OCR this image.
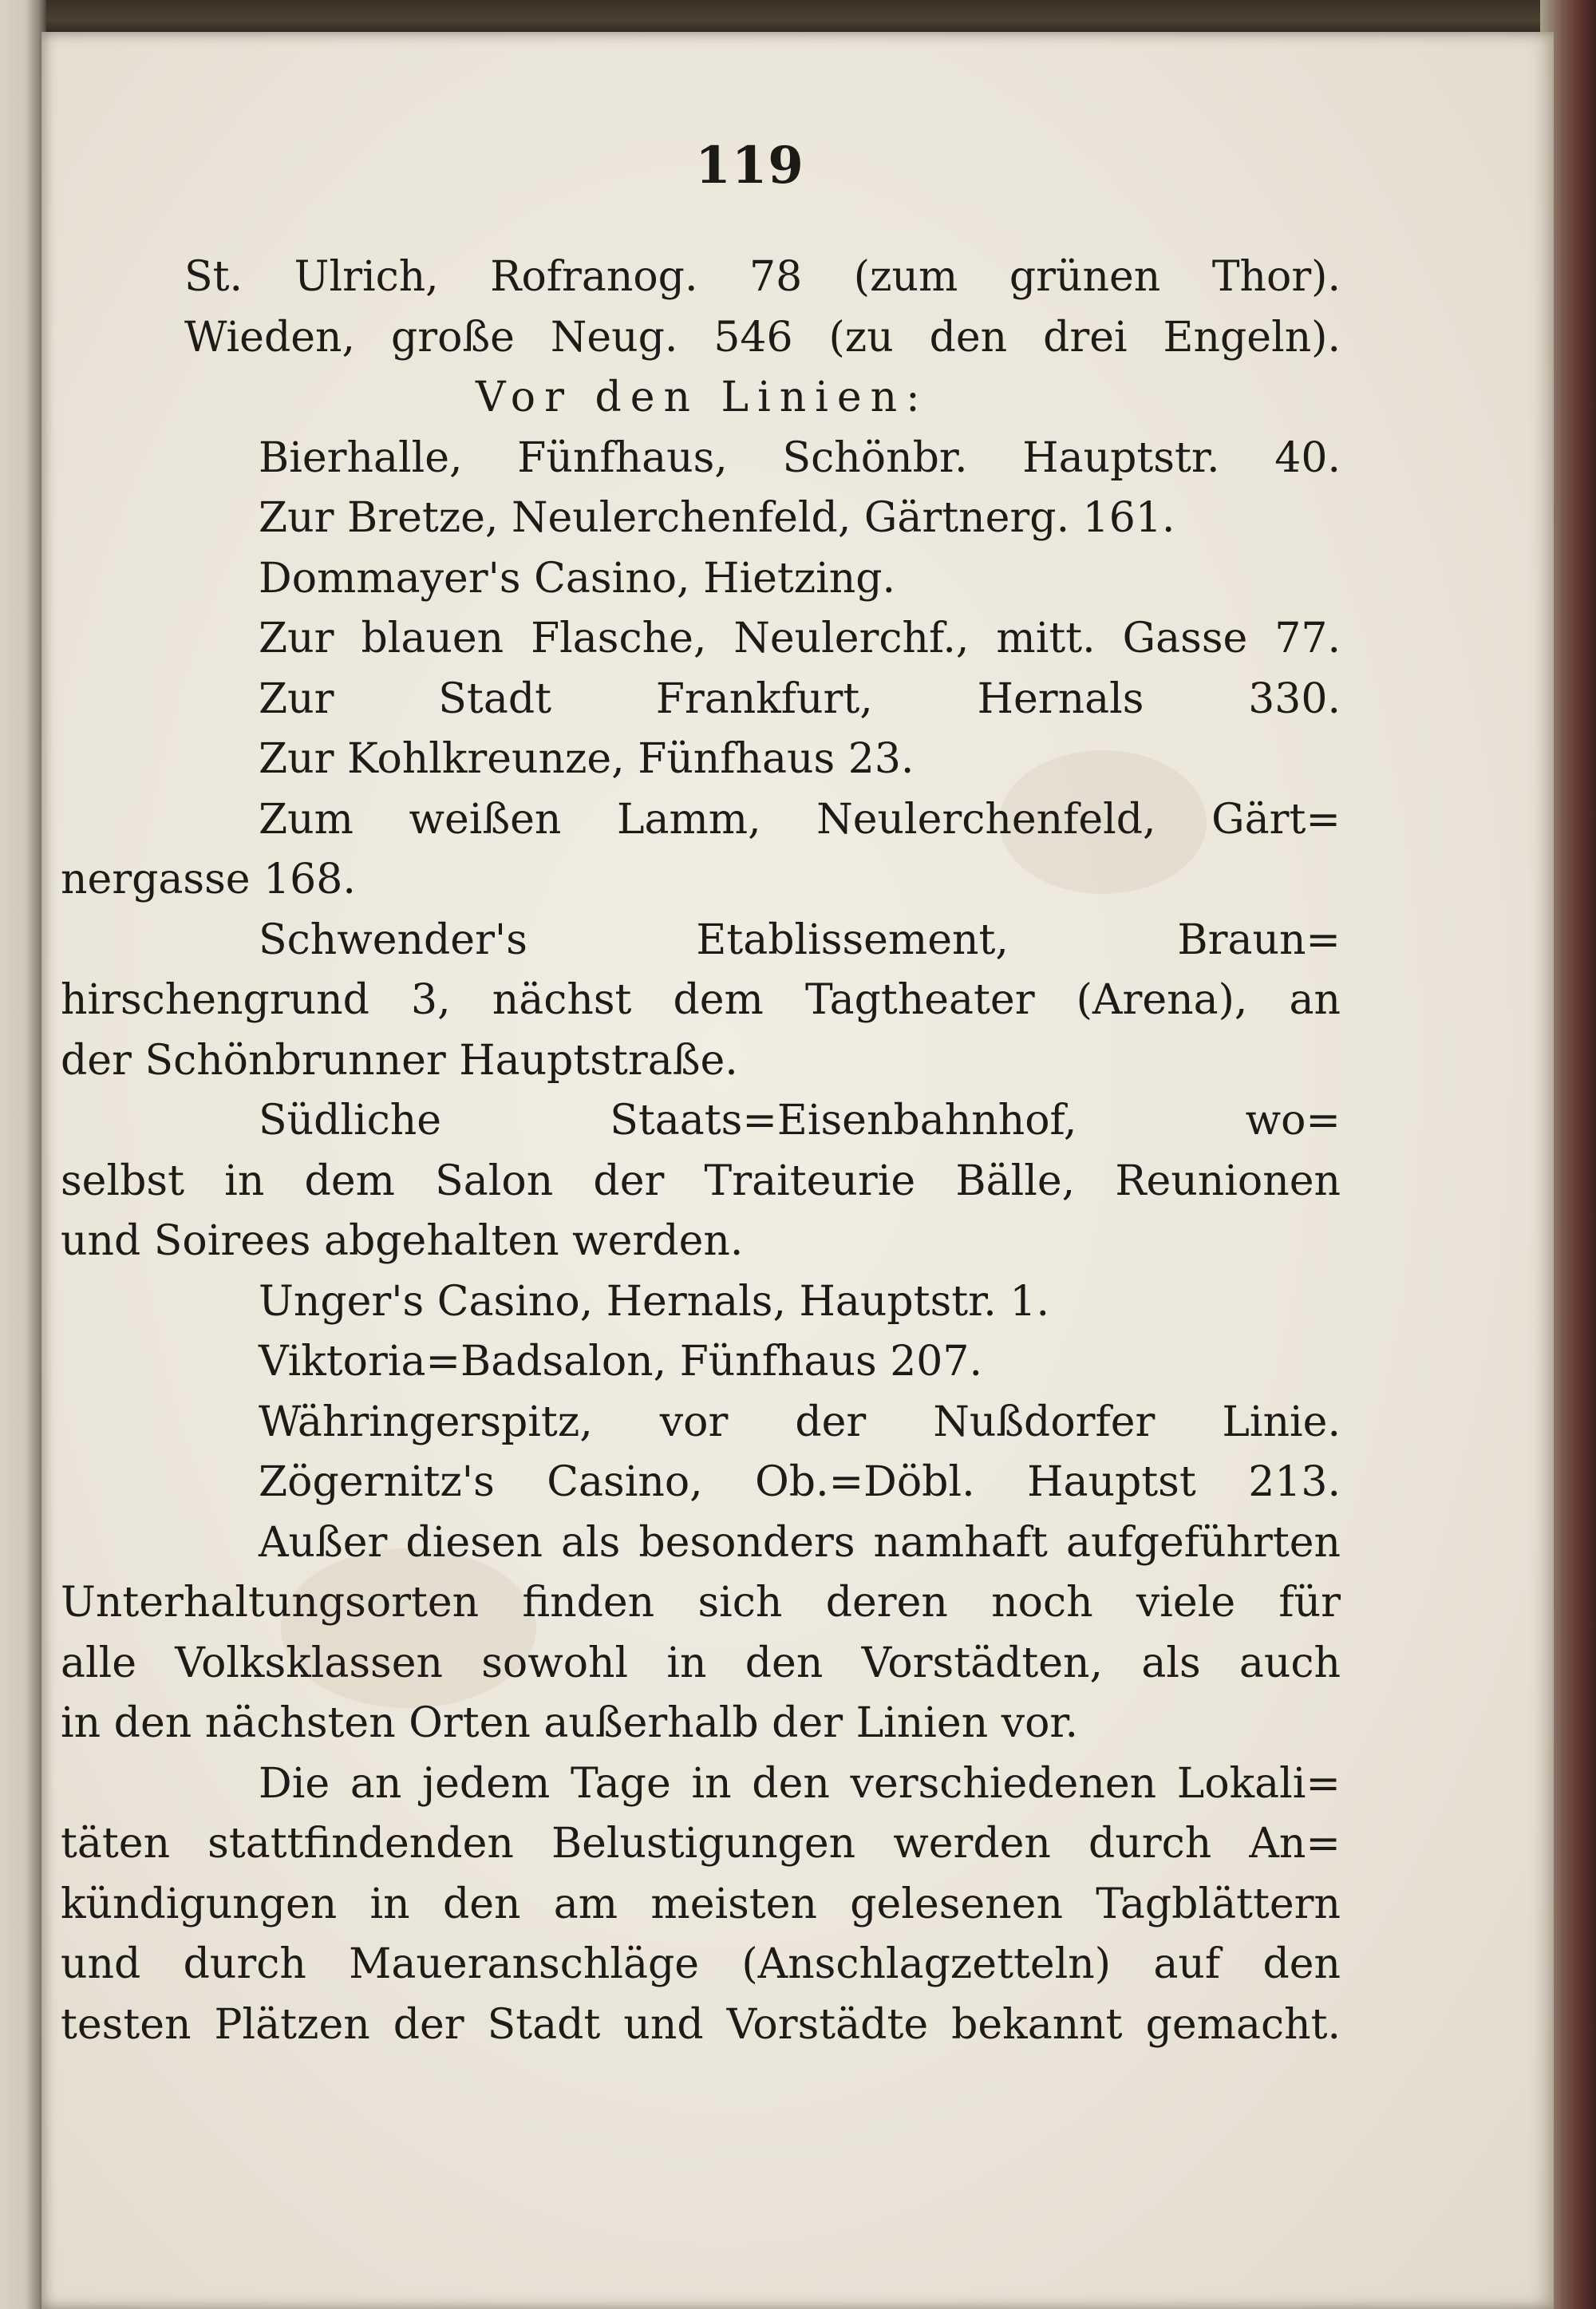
119
St. Ulrich, Rofranog. 78 (zum grünen Thor).
Wieden, große Neug. 546 (zu den drei Engeln).
Vor den Linien:
Bierhalle, Fünfhaus, Schönbr. Hauptstr. 40.
Zur Bretze, Neulerchenfeld, Gärtnerg. 161.
Dommayer's Casino, Hietzing.
Zur blauen Flasche, Neulerchf., mitt. Gasse 77.
Zur Stadt Frankfurt, Hernals 330.
Zur Kohlkreunze, Fünfhaus 23.
Zum weißen Lamm, Neulerchenfeld, Gärt=
nergasse 168.
Schwender's Etablissement, Braun=
hirschengrund 3, nächst dem Tagtheater (Arena), an
der Schönbrunner Hauptstraße.
Südliche Staats=Eisenbahnhof, wo=
selbst in dem Salon der Traiteurie Bälle, Reunionen
und Soirees abgehalten werden.
Unger's Casino, Hernals, Hauptstr. 1.
Viktoria=Badsalon, Fünfhaus 207.
Währingerspitz, vor der Nußdorfer Linie.
Zögernitz's Casino, Ob.=Döbl. Hauptst 213.
Außer diesen als besonders namhaft aufgeführten
Unterhaltungsorten finden sich deren noch viele für
alle Volksklassen sowohl in den Vorstädten, als auch
in den nächsten Orten außerhalb der Linien vor.
Die an jedem Tage in den verschiedenen Lokali=
täten stattfindenden Belustigungen werden durch An=
kündigungen in den am meisten gelesenen Tagblättern
und durch Maueranschläge (Anschlagzetteln) auf den
testen Plätzen der Stadt und Vorstädte bekannt gemacht.
